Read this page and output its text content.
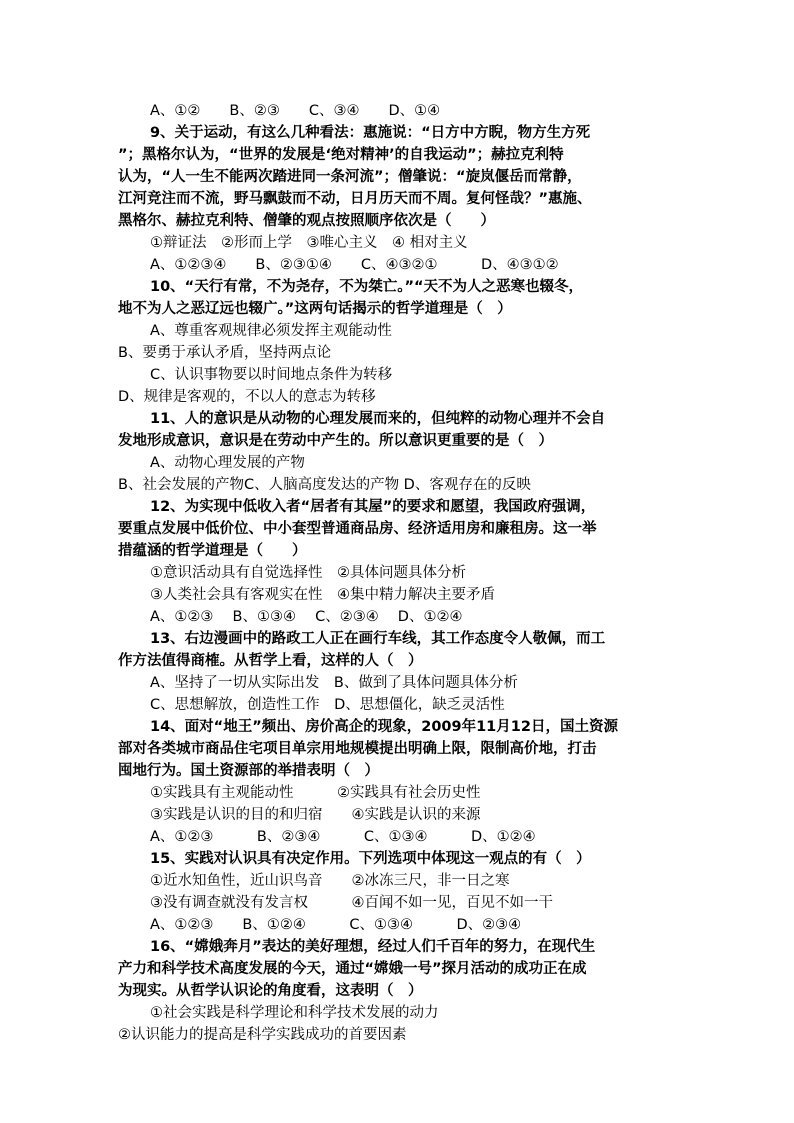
A、①②　　B、②③　　C、③④　　D、①④
9、关于运动，有这么几种看法：惠施说：“日方中方睨，物方生方死
”；黑格尔认为，“世界的发展是‘绝对精神’的自我运动”；赫拉克利特
认为，“人一生不能两次踏进同一条河流”；僧肇说：“旋岚偃岳而常静，
江河竞注而不流，野马飘鼓而不动，日月历天而不周。复何怪哉？”惠施、
黑格尔、赫拉克利特、僧肇的观点按照顺序依次是（　　）
①辩证法　②形而上学　③唯心主义　④ 相对主义
A、①②③④　　B、②③①④　　C、④③②①　　　D、④③①②
10、“天行有常，不为尧存，不为桀亡。”“天不为人之恶寒也辍冬，
地不为人之恶辽远也辍广。”这两句话揭示的哲学道理是（　）
A、尊重客观规律必须发挥主观能动性
B、要勇于承认矛盾，坚持两点论
C、认识事物要以时间地点条件为转移
D、规律是客观的，不以人的意志为转移
11、人的意识是从动物的心理发展而来的，但纯粹的动物心理并不会自
发地形成意识，意识是在劳动中产生的。所以意识更重要的是（　）
A、动物心理发展的产物
B、社会发展的产物C、人脑高度发达的产物 D、客观存在的反映
12、为实现中低收入者“居者有其屋”的要求和愿望，我国政府强调，
要重点发展中低价位、中小套型普通商品房、经济适用房和廉租房。这一举
措蕴涵的哲学道理是（　　）
①意识活动具有自觉选择性　②具体问题具体分析
③人类社会具有客观实在性　④集中精力解决主要矛盾
A、①②③　 B、①③④　 C、②③④　 D、①②④
13、右边漫画中的路政工人正在画行车线，其工作态度令人敬佩，而工
作方法值得商榷。从哲学上看，这样的人（　）
A、坚持了一切从实际出发　B、做到了具体问题具体分析
C、思想解放，创造性工作　D、思想僵化，缺乏灵活性
14、面对“地王”频出、房价高企的现象，2009年11月12日，国土资源
部对各类城市商品住宅项目单宗用地规模提出明确上限，限制高价地，打击
囤地行为。国土资源部的举措表明（　）
①实践具有主观能动性　　　②实践具有社会历史性
③实践是认识的目的和归宿　　④实践是认识的来源
A、①②③　　　B、②③④　　　C、①③④　　　D、①②④
15、实践对认识具有决定作用。下列选项中体现这一观点的有（　）
①近水知鱼性，近山识鸟音　　②冰冻三尺，非一日之寒
③没有调查就没有发言权　　　④百闻不如一见，百见不如一干
A、①②③　　B、①②④　　　C、①③④　　　D、②③④
16、“嫦娥奔月”表达的美好理想，经过人们千百年的努力，在现代生
产力和科学技术高度发展的今天，通过“嫦娥一号”探月活动的成功正在成
为现实。从哲学认识论的角度看，这表明（　）
①社会实践是科学理论和科学技术发展的动力
②认识能力的提高是科学实践成功的首要因素
